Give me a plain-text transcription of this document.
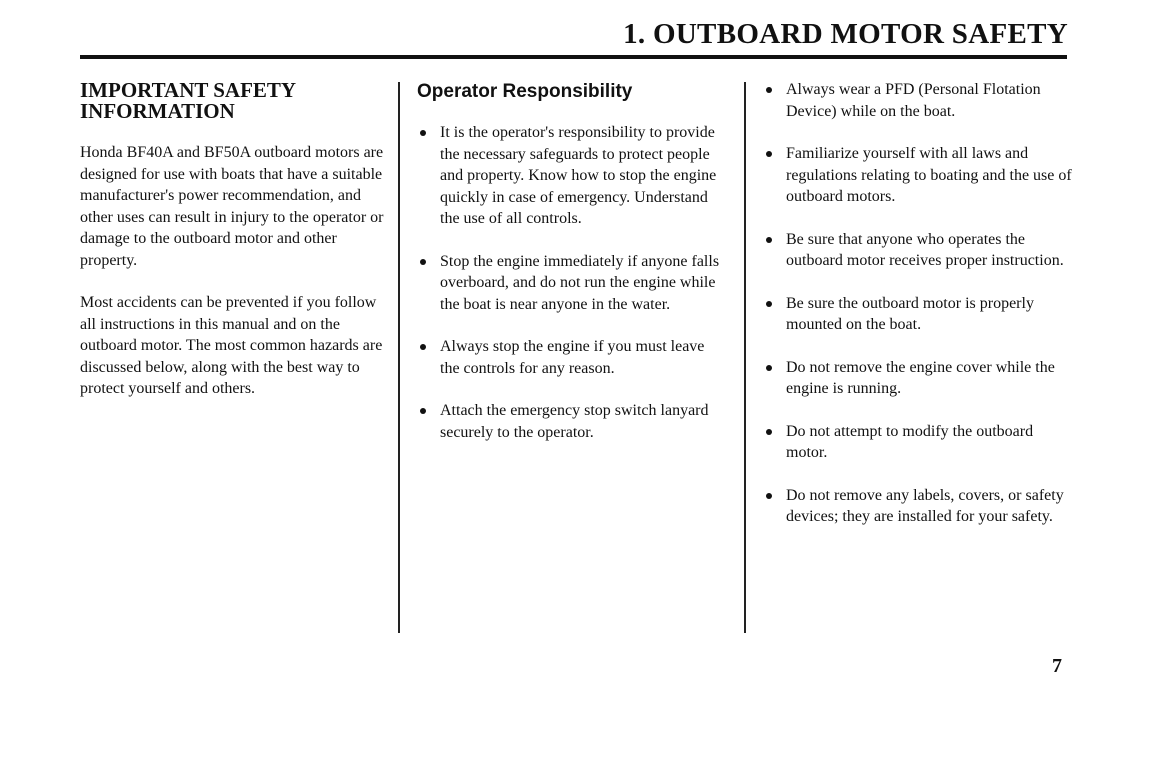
1. OUTBOARD MOTOR SAFETY
IMPORTANT SAFETY
INFORMATION

Honda BF40A and BF50A outboard motors are designed for use with boats that have a suitable manufacturer's power recommendation, and other uses can result in injury to the operator or damage to the outboard motor and other property.

Most accidents can be prevented if you follow all instructions in this manual and on the outboard motor. The most common hazards are discussed below, along with the best way to protect yourself and others.

Operator Responsibility
It is the operator's responsibility to provide the necessary safeguards to protect people and property. Know how to stop the engine quickly in case of emergency. Understand the use of all controls.
Stop the engine immediately if anyone falls overboard, and do not run the engine while the boat is near anyone in the water.
Always stop the engine if you must leave the controls for any reason.
Attach the emergency stop switch lanyard securely to the operator.
Always wear a PFD (Personal Flotation Device) while on the boat.
Familiarize yourself with all laws and regulations relating to boating and the use of outboard motors.
Be sure that anyone who operates the outboard motor receives proper instruction.
Be sure the outboard motor is properly mounted on the boat.
Do not remove the engine cover while the engine is running.
Do not attempt to modify the outboard motor.
Do not remove any labels, covers, or safety devices; they are installed for your safety.

7
